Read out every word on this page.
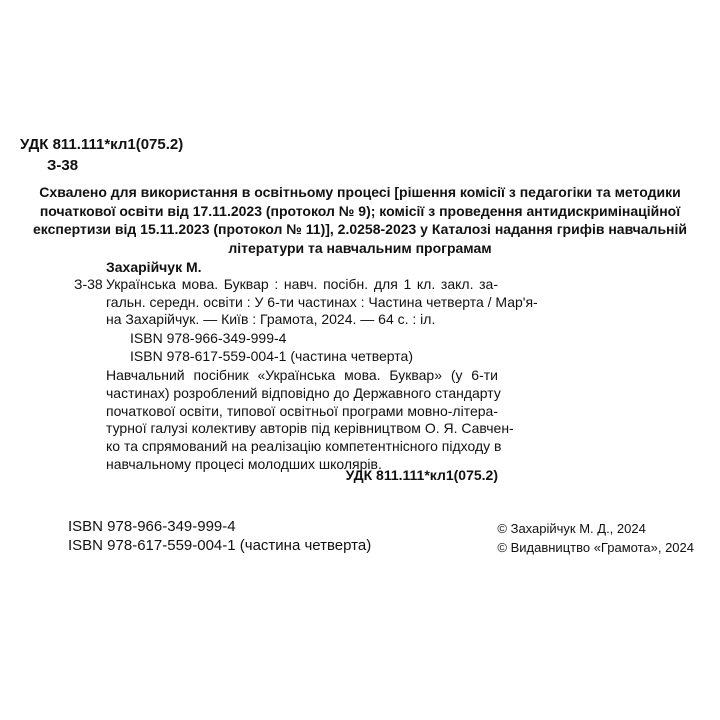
УДК 811.111*кл1(075.2)
З-38
Схвалено для використання в освітньому процесі [рішення комісії з педагогіки та методики
початкової освіти від 17.11.2023 (протокол № 9); комісії з проведення антидискримінаційної
експертизи від 15.11.2023 (протокол № 11)], 2.0258-2023 у Каталозі надання грифів навчальній
літератури та навчальним програмам
Захарійчук М.
З-38 Українська мова. Буквар : навч. посібн. для 1 кл. закл. за-
гальн. середн. освіти : У 6-ти частинах : Частина четверта / Мар'я-
на Захарійчук. — Київ : Грамота, 2024. — 64 с. : іл.
ISBN 978-966-349-999-4
ISBN 978-617-559-004-1 (частина четверта)
Навчальний посібник «Українська мова. Буквар» (у 6-ти
частинах) розроблений відповідно до Державного стандарту
початкової освіти, типової освітньої програми мовно-літера-
турної галузі колективу авторів під керівництвом О. Я. Савчен-
ко та спрямований на реалізацію компетентнісного підходу в
навчальному процесі молодших школярів.
УДК 811.111*кл1(075.2)
ISBN 978-966-349-999-4
ISBN 978-617-559-004-1 (частина четверта)
© Захарійчук М. Д., 2024
© Видавництво «Грамота», 2024
